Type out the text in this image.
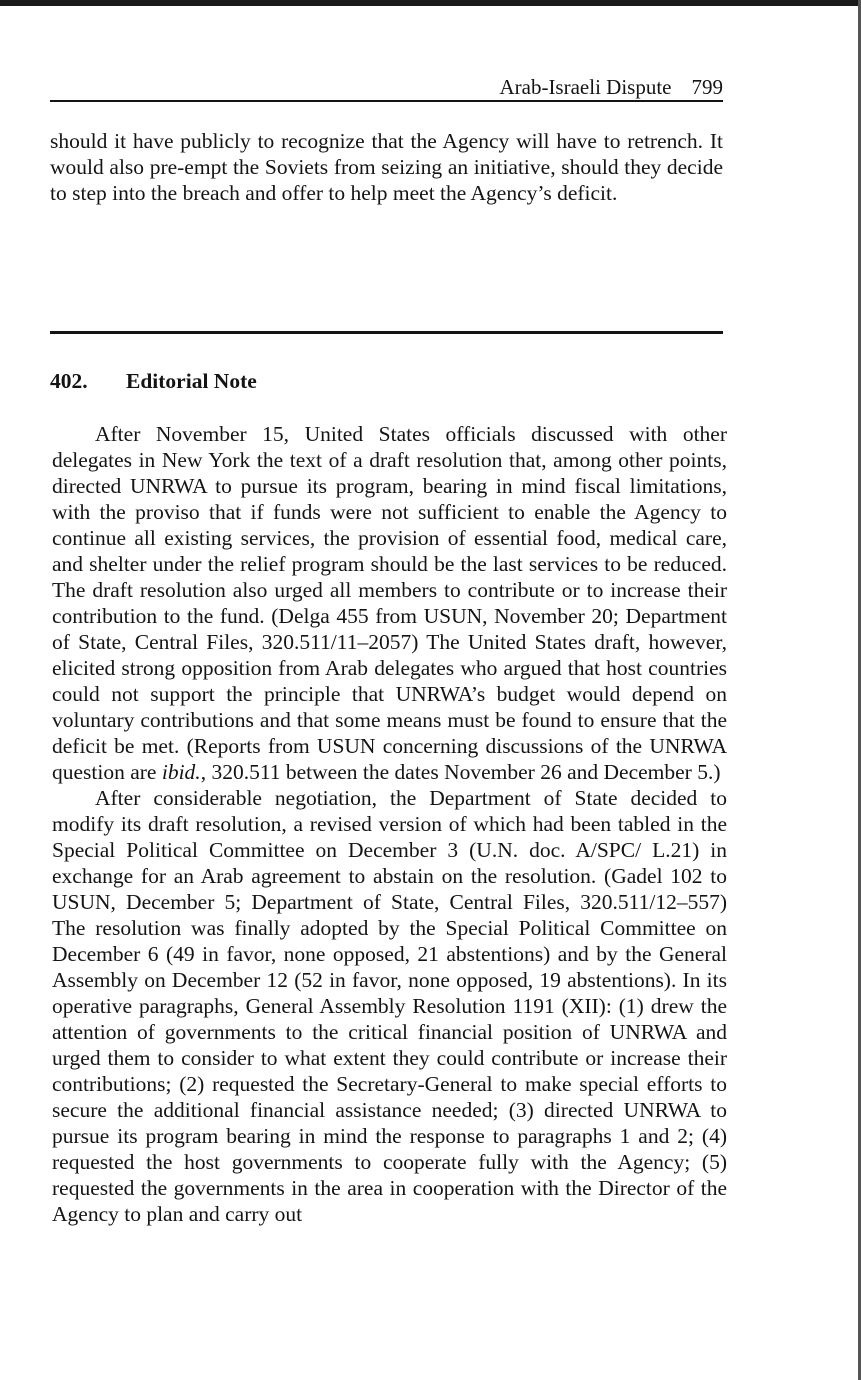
Arab-Israeli Dispute 799

should it have publicly to recognize that the Agency will have to retrench. It would also pre-empt the Soviets from seizing an initiative, should they decide to step into the breach and offer to help meet the Agency’s deficit.

402. Editorial Note

After November 15, United States officials discussed with other delegates in New York the text of a draft resolution that, among other points, directed UNRWA to pursue its program, bearing in mind fiscal limitations, with the proviso that if funds were not sufficient to enable the Agency to continue all existing services, the provision of essential food, medical care, and shelter under the relief program should be the last services to be reduced. The draft resolution also urged all members to contribute or to increase their contribution to the fund. (Delga 455 from USUN, November 20; Department of State, Central Files, 320.511/11–2057) The United States draft, however, elicited strong opposition from Arab delegates who argued that host countries could not support the principle that UNRWA’s budget would depend on voluntary contributions and that some means must be found to ensure that the deficit be met. (Reports from USUN concerning discussions of the UNRWA question are ibid., 320.511 between the dates November 26 and December 5.)

After considerable negotiation, the Department of State decided to modify its draft resolution, a revised version of which had been tabled in the Special Political Committee on December 3 (U.N. doc. A/SPC/ L.21) in exchange for an Arab agreement to abstain on the resolution. (Gadel 102 to USUN, December 5; Department of State, Central Files, 320.511/12–557) The resolution was finally adopted by the Special Political Committee on December 6 (49 in favor, none opposed, 21 abstentions) and by the General Assembly on December 12 (52 in favor, none opposed, 19 abstentions). In its operative paragraphs, General Assembly Resolution 1191 (XII): (1) drew the attention of governments to the critical financial position of UNRWA and urged them to consider to what extent they could contribute or increase their contributions; (2) requested the Secretary-General to make special efforts to secure the additional financial assistance needed; (3) directed UNRWA to pursue its program bearing in mind the response to paragraphs 1 and 2; (4) requested the host governments to cooperate fully with the Agency; (5) requested the governments in the area in cooperation with the Director of the Agency to plan and carry out
